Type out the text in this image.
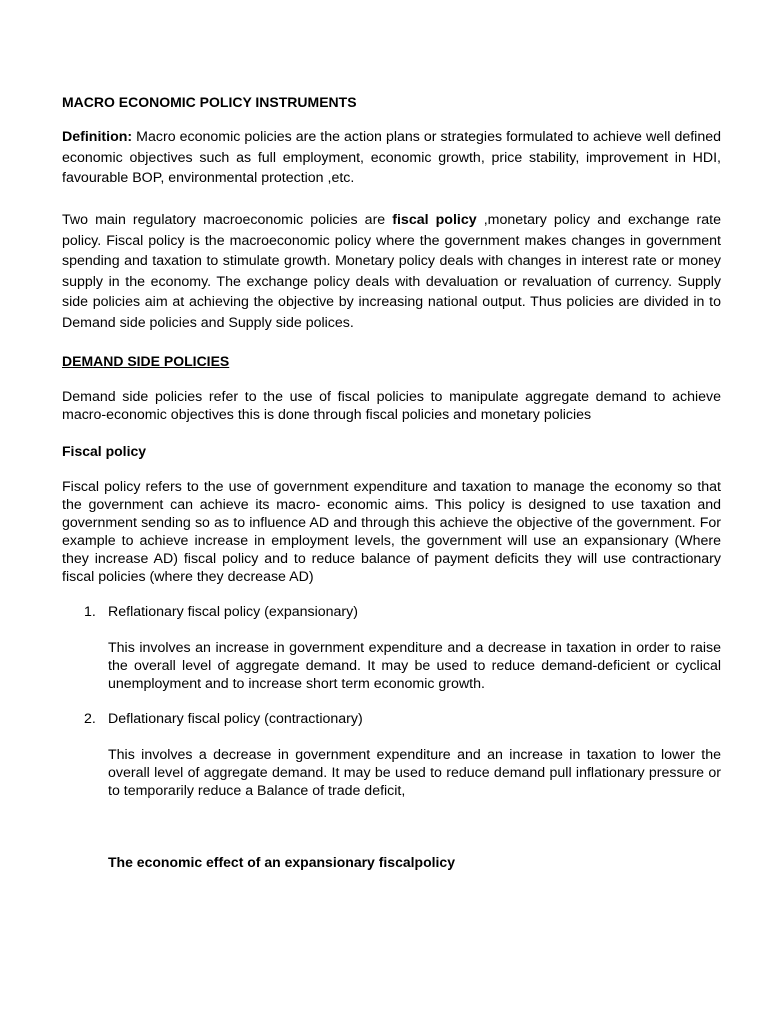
MACRO ECONOMIC POLICY INSTRUMENTS

Definition: Macro economic policies are the action plans or strategies formulated to achieve well defined economic objectives such as full employment, economic growth, price stability, improvement in HDI, favourable BOP, environmental protection ,etc.

Two main regulatory macroeconomic policies are fiscal policy ,monetary policy and exchange rate policy. Fiscal policy is the macroeconomic policy where the government makes changes in government spending and taxation to stimulate growth. Monetary policy deals with changes in interest rate or money supply in the economy. The exchange policy deals with devaluation or revaluation of currency. Supply side policies aim at achieving the objective by increasing national output. Thus policies are divided in to Demand side policies and Supply side polices.

DEMAND SIDE POLICIES

Demand side policies refer to the use of fiscal policies to manipulate aggregate demand to achieve macro-economic objectives this is done through fiscal policies and monetary policies

Fiscal policy

Fiscal policy refers to the use of government expenditure and taxation to manage the economy so that the government can achieve its macro- economic aims. This policy is designed to use taxation and government sending so as to influence AD and through this achieve the objective of the government. For example to achieve increase in employment levels, the government will use an expansionary (Where they increase AD) fiscal policy and to reduce balance of payment deficits they will use contractionary fiscal policies (where they decrease AD)

1. Reflationary fiscal policy (expansionary)

This involves an increase in government expenditure and a decrease in taxation in order to raise the overall level of aggregate demand. It may be used to reduce demand-deficient or cyclical unemployment and to increase short term economic growth.

2. Deflationary fiscal policy (contractionary)

This involves a decrease in government expenditure and an increase in taxation to lower the overall level of aggregate demand. It may be used to reduce demand pull inflationary pressure or to temporarily reduce a Balance of trade deficit,

The economic effect of an expansionary fiscalpolicy
